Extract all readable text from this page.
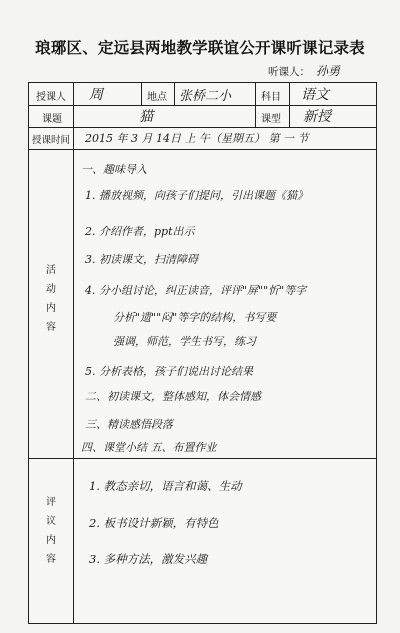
琅琊区、定远县两地教学联谊公开课听课记录表
听课人： 孙勇
授课人 周	地点 张桥二小	科目 语文
课题	猫	课型 新授
授课时间 2015 年 3 月 14日 上 午（星期五） 第 一 节
活
动
内
容
一、趣味导入
1. 播放视频，向孩子们提问，引出课题《猫》
2. 介绍作者，ppt出示
3. 初读课文，扫清障碍
4. 分小组讨论，纠正读音，评评"屏""忻"等字
分析"遗""闷"等字的结构，书写要
强调，师范，学生书写，练习
5. 分析表格，孩子们说出讨论结果
二、初读课文，整体感知，体会情感
三、精读感悟段落
四、课堂小结 五、布置作业
评
议
内
容
1. 教态亲切，语言和蔼、生动
2. 板书设计新颖，有特色
3. 多种方法，激发兴趣
